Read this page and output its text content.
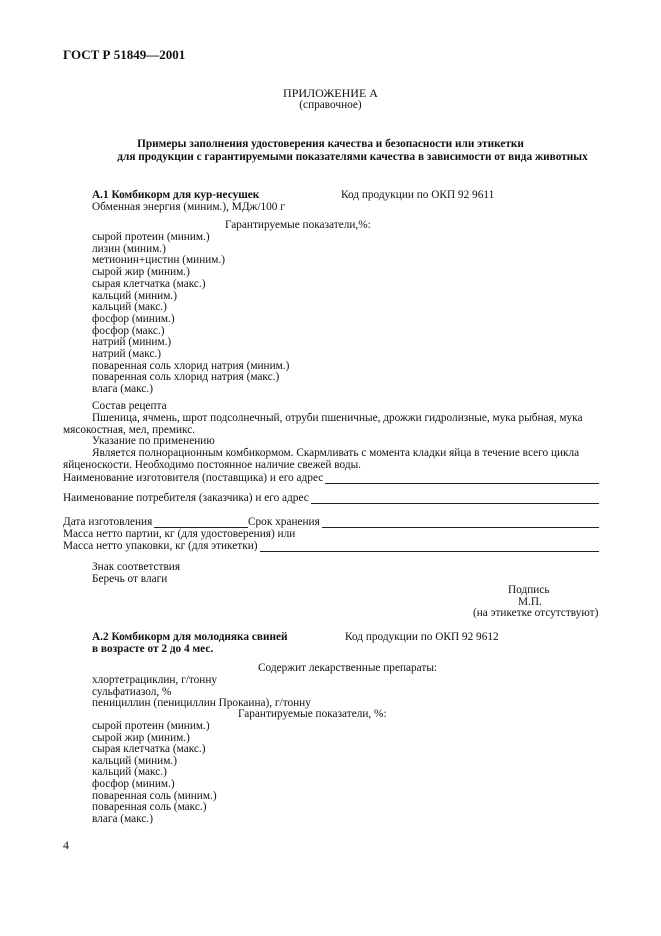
ГОСТ Р 51849—2001
ПРИЛОЖЕНИЕ А
(справочное)
Примеры заполнения удостоверения качества и безопасности или этикетки
для продукции с гарантируемыми показателями качества в зависимости от вида животных
А.1 Комбикорм для кур-несушек	Код продукции по ОКП 92 9611
Обменная энергия (миним.), МДж/100 г
Гарантируемые показатели,%:
сырой протеин (миним.)
лизин (миним.)
метионин+цистин (миним.)
сырой жир (миним.)
сырая клетчатка (макс.)
кальций (миним.)
кальций (макс.)
фосфор (миним.)
фосфор (макс.)
натрий (миним.)
натрий (макс.)
поваренная соль хлорид натрия (миним.)
поваренная соль хлорид натрия (макс.)
влага (макс.)
Состав рецепта
Пшеница, ячмень, шрот подсолнечный, отруби пшеничные, дрожжи гидролизные, мука рыбная, мука
мясокостная, мел, премикс.
Указание по применению
Является полнорационным комбикормом. Скармливать с момента кладки яйца в течение всего цикла
яйценоскости. Необходимо постоянное наличие свежей воды.
Наименование изготовителя (поставщика) и его адрес
Наименование потребителя (заказчика) и его адрес
Дата изготовления	Срок хранения
Масса нетто партии, кг (для удостоверения) или
Масса нетто упаковки, кг (для этикетки)
Знак соответствия
Беречь от влаги
Подпись
М.П.
(на этикетке отсутствуют)
А.2 Комбикорм для молодняка свиней
в возрасте от 2 до 4 мес.
Код продукции по ОКП 92 9612
Содержит лекарственные препараты:
хлортетрациклин, г/тонну
сульфатиазол, %
пенициллин (пенициллин Прокаина), г/тонну
Гарантируемые показатели, %:
сырой протеин (миним.)
сырой жир (миним.)
сырая клетчатка (макс.)
кальций (миним.)
кальций (макс.)
фосфор (миним.)
поваренная соль (миним.)
поваренная соль (макс.)
влага (макс.)
4
